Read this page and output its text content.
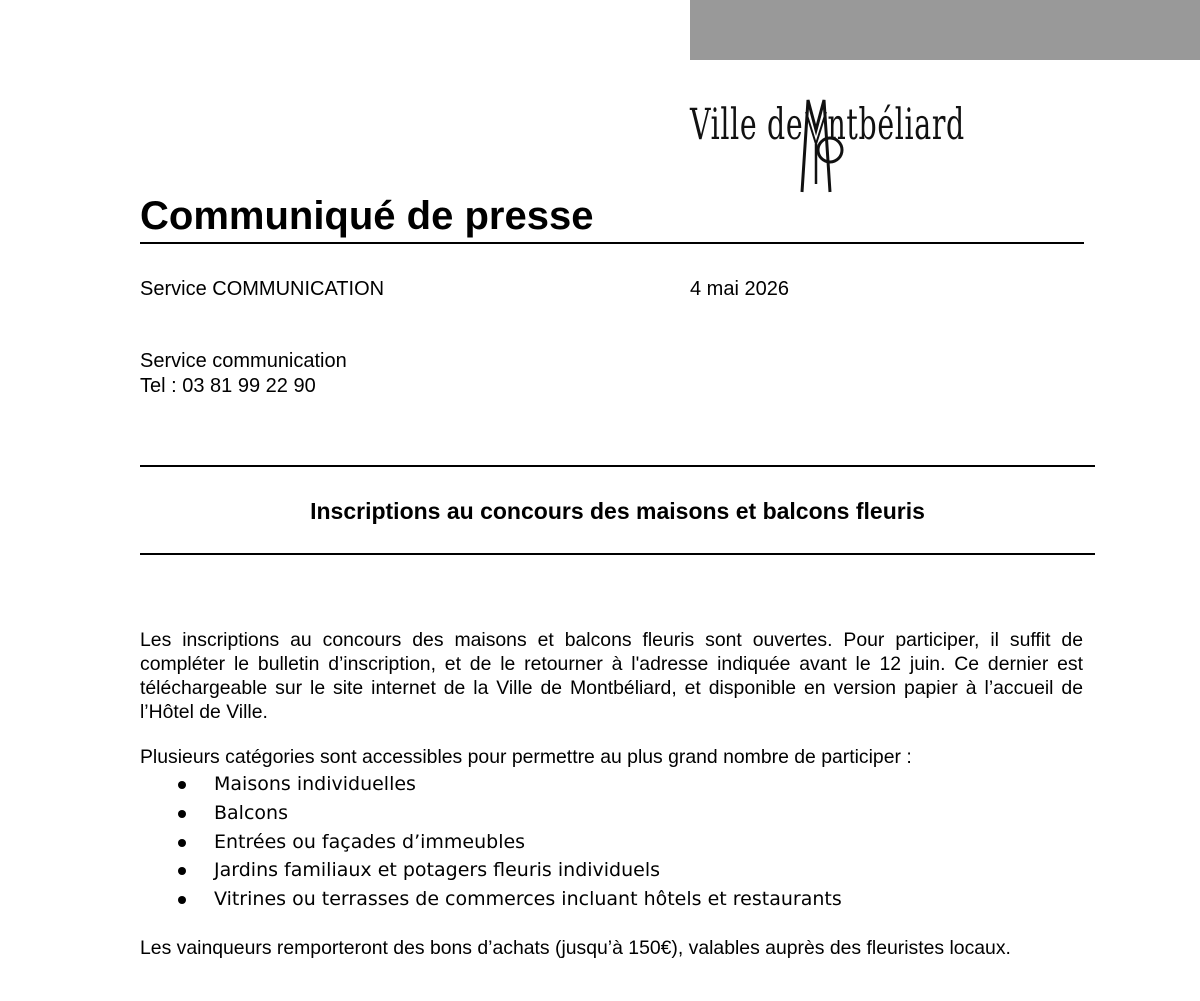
Ville de ntbéliard
Communiqué de presse
Service COMMUNICATION	4 mai 2026
Service communication
Tel : 03 81 99 22 90
Inscriptions au concours des maisons et balcons fleuris

Les inscriptions au concours des maisons et balcons fleuris sont ouvertes. Pour participer, il suffit de compléter le bulletin d’inscription, et de le retourner à l'adresse indiquée avant le 12 juin. Ce dernier est téléchargeable sur le site internet de la Ville de Montbéliard, et disponible en version papier à l’accueil de l’Hôtel de Ville.

Plusieurs catégories sont accessibles pour permettre au plus grand nombre de participer :

Maisons individuelles
Balcons
Entrées ou façades d’immeubles
Jardins familiaux et potagers fleuris individuels
Vitrines ou terrasses de commerces incluant hôtels et restaurants

Les vainqueurs remporteront des bons d’achats (jusqu’à 150€), valables auprès des fleuristes locaux.
